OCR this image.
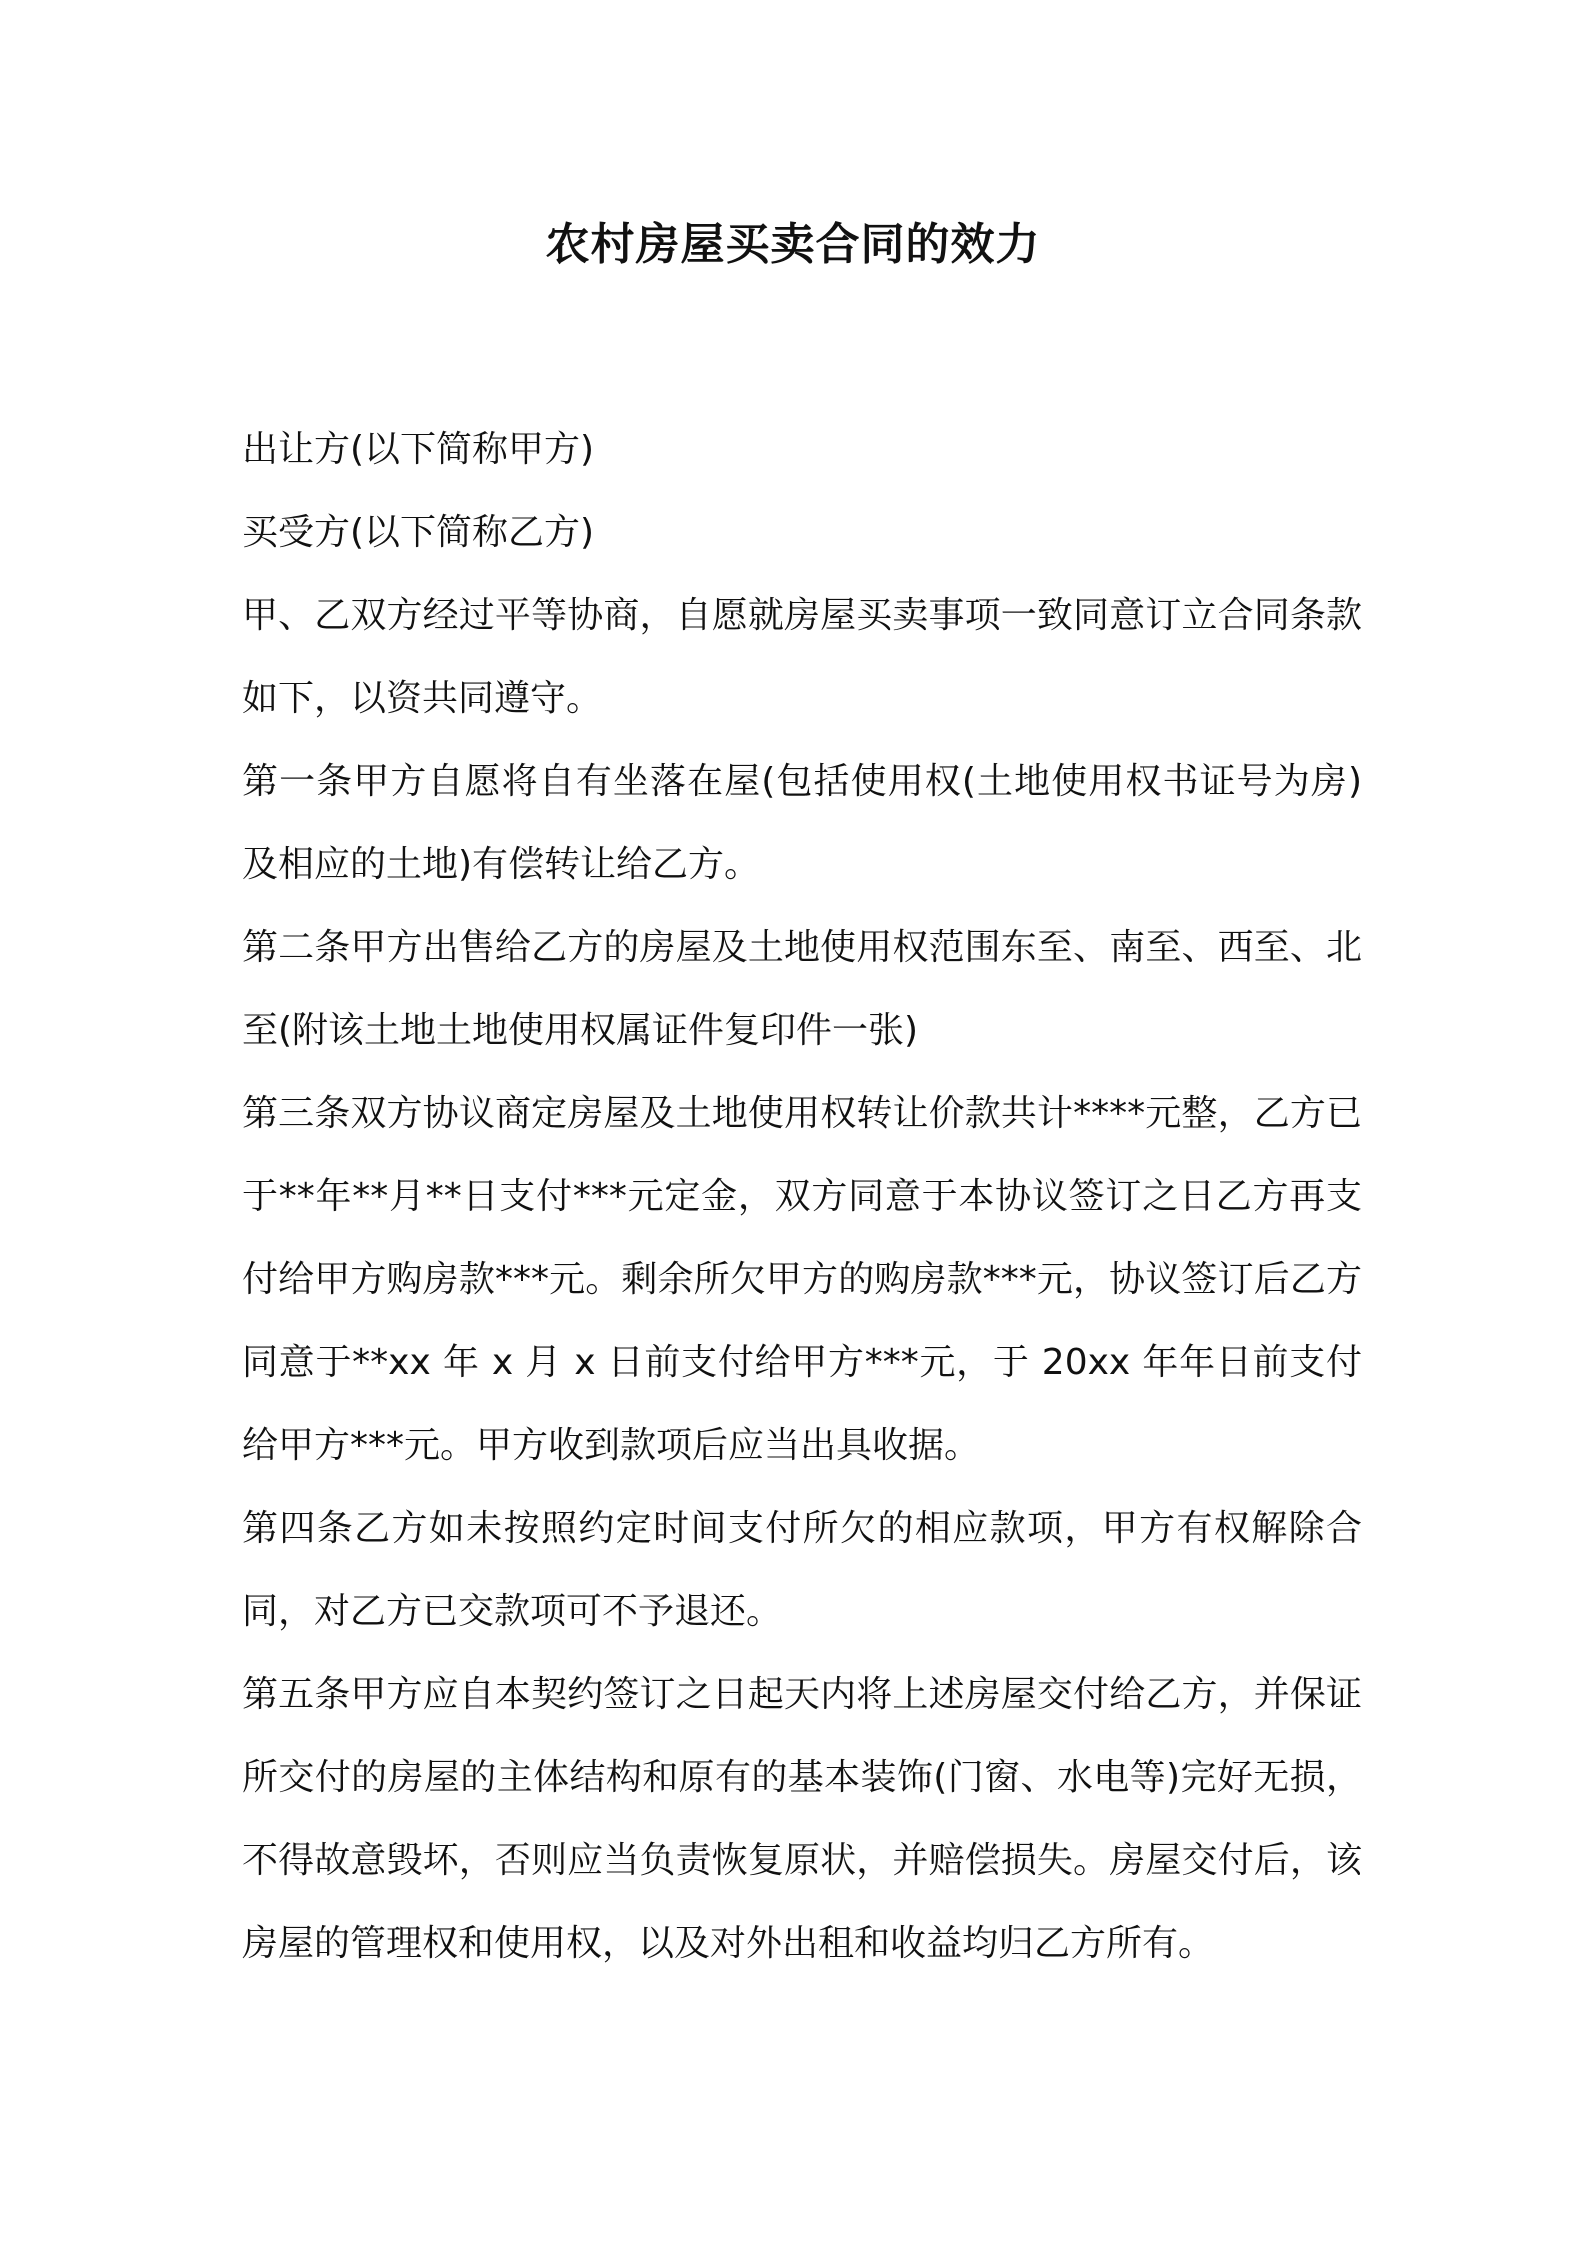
农村房屋买卖合同的效力

出让方(以下简称甲方)

买受方(以下简称乙方)

甲、乙双方经过平等协商，自愿就房屋买卖事项一致同意订立合同条款如下，以资共同遵守。

第一条甲方自愿将自有坐落在屋(包括使用权(土地使用权书证号为房)及相应的土地)有偿转让给乙方。

第二条甲方出售给乙方的房屋及土地使用权范围东至、南至、西至、北至(附该土地土地使用权属证件复印件一张)

第三条双方协议商定房屋及土地使用权转让价款共计****元整，乙方已于**年**月**日支付***元定金，双方同意于本协议签订之日乙方再支付给甲方购房款***元。剩余所欠甲方的购房款***元，协议签订后乙方同意于**xx 年 x 月 x 日前支付给甲方***元，于 20xx 年年日前支付给甲方***元。甲方收到款项后应当出具收据。

第四条乙方如未按照约定时间支付所欠的相应款项，甲方有权解除合同，对乙方已交款项可不予退还。

第五条甲方应自本契约签订之日起天内将上述房屋交付给乙方，并保证所交付的房屋的主体结构和原有的基本装饰(门窗、水电等)完好无损，不得故意毁坏，否则应当负责恢复原状，并赔偿损失。房屋交付后，该房屋的管理权和使用权，以及对外出租和收益均归乙方所有。
